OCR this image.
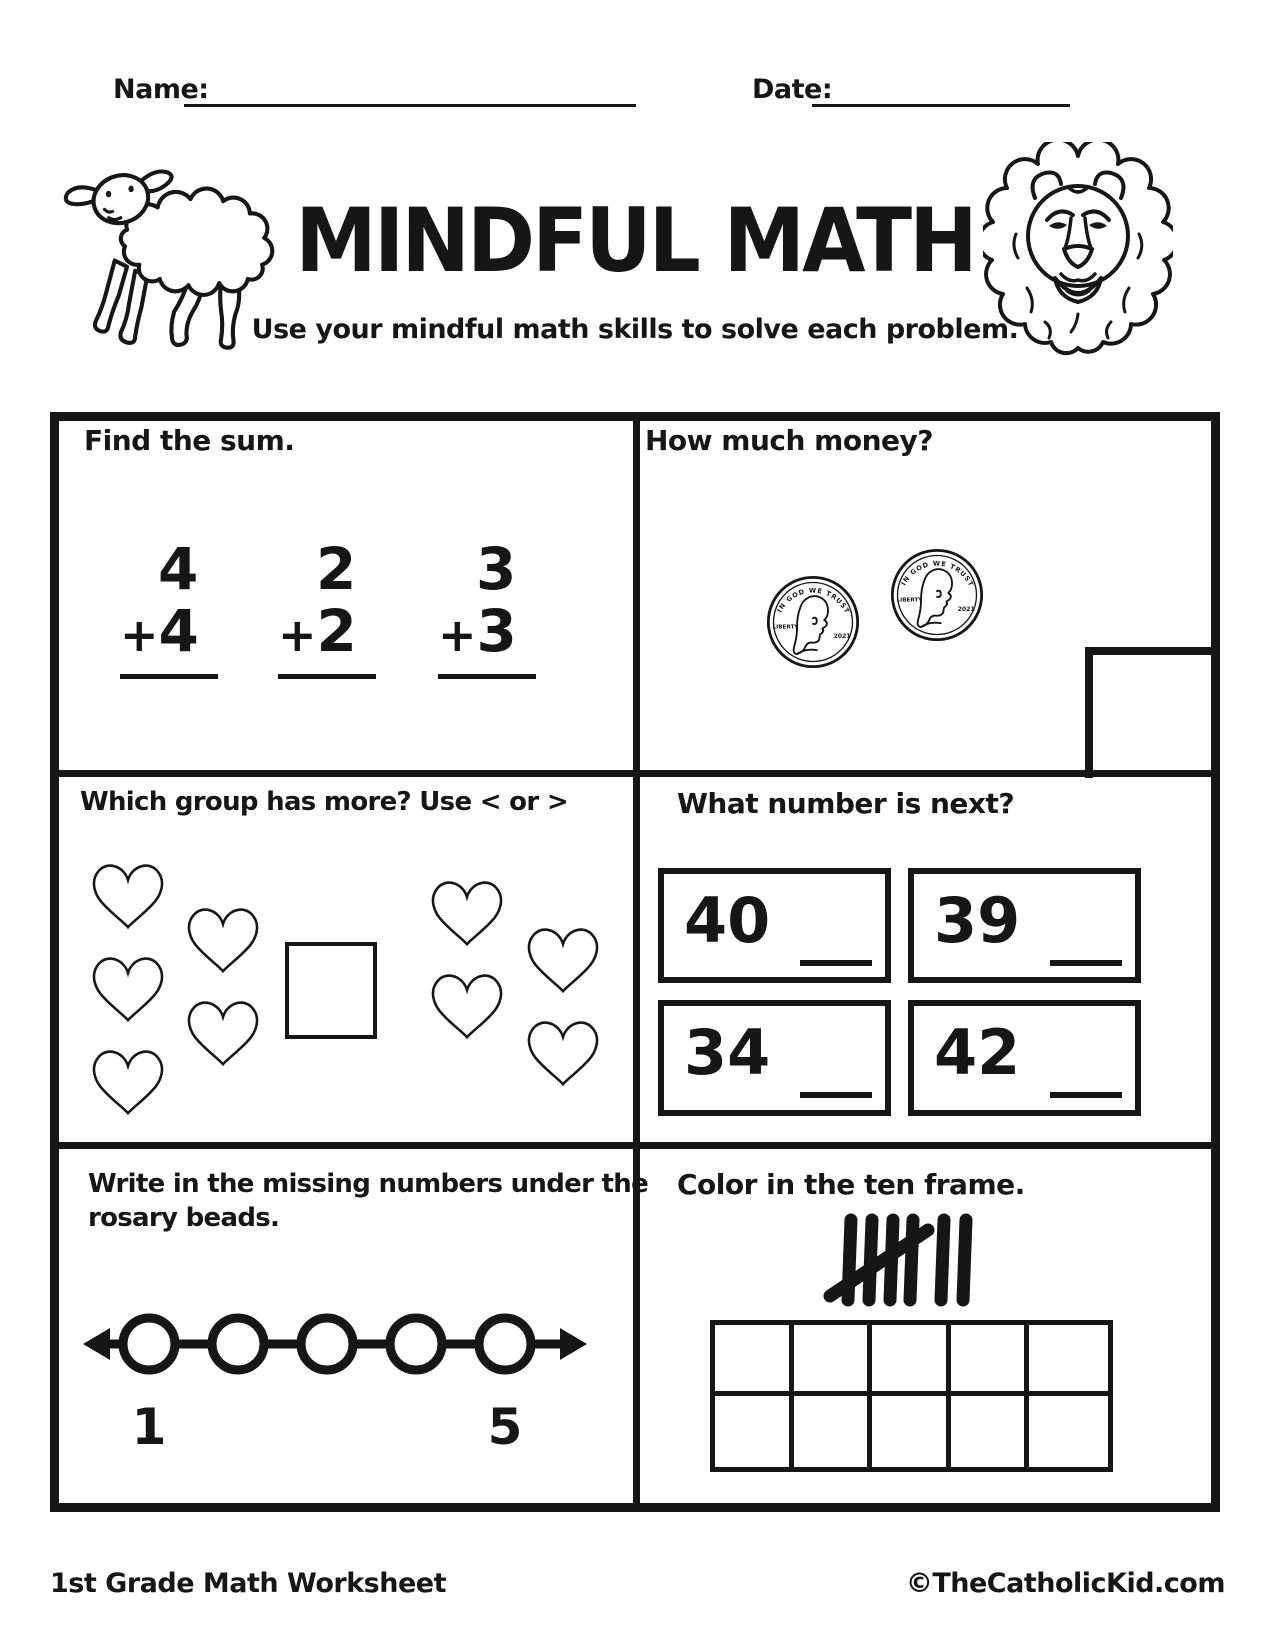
Name:	Date:
MINDFUL MATH
Use your mindful math skills to solve each problem.
Find the sum.
4
+ 4
2
+ 2
3
+ 3
How much money?
IN GOD WE TRUST
LIBERTY
2021
IN GOD WE TRUST
LIBERTY
2021
Which group has more? Use < or >	What number is next?
40	39
34	42
Write in the missing numbers under the
rosary beads.
1	5
Color in the ten frame.
1st Grade Math Worksheet	©TheCatholicKid.com
